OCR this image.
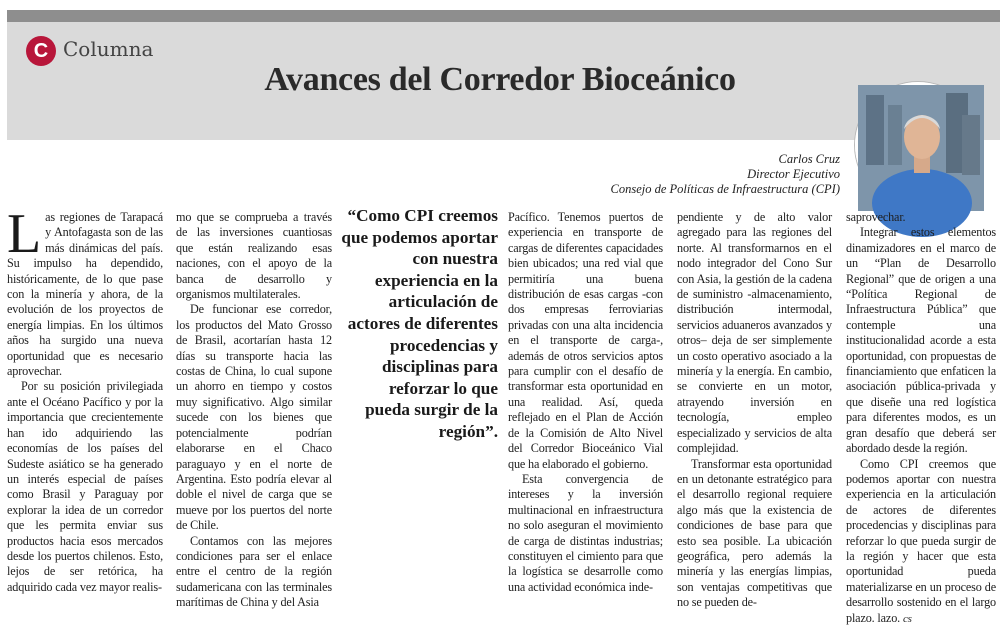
C Columna
Avances del Corredor Bioceánico
Carlos Cruz
Director Ejecutivo
Consejo de Políticas de Infraestructura (CPI)

Las regiones de Tarapacá y Antofagasta son de las más dinámicas del país. Su impulso ha dependido, históricamente, de lo que pase con la minería y ahora, de la evolución de los proyectos de energía limpias. En los últimos años ha surgido una nueva oportunidad que es necesario aprovechar.

Por su posición privilegiada ante el Océano Pacífico y por la importancia que crecientemente han ido adquiriendo las economías de los países del Sudeste asiático se ha generado un interés especial de países como Brasil y Paraguay por explorar la idea de un corredor que les permita enviar sus productos hacia esos mercados desde los puertos chilenos. Esto, lejos de ser retórica, ha adquirido cada vez mayor realis-

mo que se comprueba a través de las inversiones cuantiosas que están realizando esas naciones, con el apoyo de la banca de desarrollo y organismos multilaterales.

De funcionar ese corredor, los productos del Mato Grosso de Brasil, acortarían hasta 12 días su transporte hacia las costas de China, lo cual supone un ahorro en tiempo y costos muy significativo. Algo similar sucede con los bienes que potencialmente podrían elaborarse en el Chaco paraguayo y en el norte de Argentina. Esto podría elevar al doble el nivel de carga que se mueve por los puertos del norte de Chile.

Contamos con las mejores condiciones para ser el enlace entre el centro de la región sudamericana con las terminales marítimas de China y del Asia

“Como CPI creemos que podemos aportar con nuestra experiencia en la articulación de actores de diferentes procedencias y disciplinas para reforzar lo que pueda surgir de la región”.

Pacífico. Tenemos puertos de experiencia en transporte de cargas de diferentes capacidades bien ubicados; una red vial que permitiría una buena distribución de esas cargas -con dos empresas ferroviarias privadas con una alta incidencia en el transporte de carga-, además de otros servicios aptos para cumplir con el desafío de transformar esta oportunidad en una realidad. Así, queda reflejado en el Plan de Acción de la Comisión de Alto Nivel del Corredor Bioceánico Vial que ha elaborado el gobierno.

Esta convergencia de intereses y la inversión multinacional en infraestructura no solo aseguran el movimiento de carga de distintas industrias; constituyen el cimiento para que la logística se desarrolle como una actividad económica inde-

pendiente y de alto valor agregado para las regiones del norte. Al transformarnos en el nodo integrador del Cono Sur con Asia, la gestión de la cadena de suministro -almacenamiento, distribución intermodal, servicios aduaneros avanzados y otros– deja de ser simplemente un costo operativo asociado a la minería y la energía. En cambio, se convierte en un motor, atrayendo inversión en tecnología, empleo especializado y servicios de alta complejidad.

Transformar esta oportunidad en un detonante estratégico para el desarrollo regional requiere algo más que la existencia de condiciones de base para que esto sea posible. La ubicación geográfica, pero además la minería y las energías limpias, son ventajas competitivas que no se pueden de-

saprovechar.

Integrar estos elementos dinamizadores en el marco de un “Plan de Desarrollo Regional” que de origen a una “Política Regional de Infraestructura Pública” que contemple una institucionalidad acorde a esta oportunidad, con propuestas de financiamiento que enfaticen la asociación pública-privada y que diseñe una red logística para diferentes modos, es un gran desafío que deberá ser abordado desde la región.

Como CPI creemos que podemos aportar con nuestra experiencia en la articulación de actores de diferentes procedencias y disciplinas para reforzar lo que pueda surgir de la región y hacer que esta oportunidad pueda materializarse en un proceso de desarrollo sostenido en el largo plazo. lazo. cs
